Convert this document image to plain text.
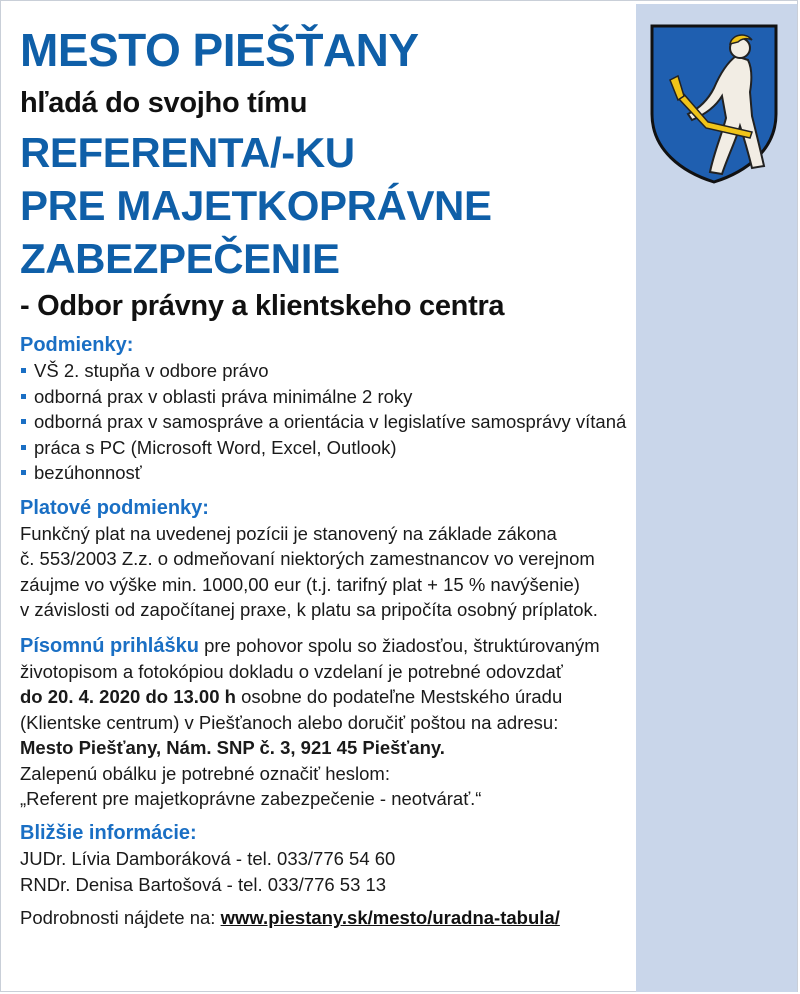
MESTO PIEŠŤANY
hľadá do svojho tímu
REFERENTA/-KU
PRE MAJETKOPRÁVNE
ZABEZPEČENIE
- Odbor právny a klientskeho centra
Podmienky:
VŠ 2. stupňa v odbore právo
odborná prax v oblasti práva minimálne 2 roky
odborná prax v samospráve a orientácia v legislatíve samosprávy vítaná
práca s PC (Microsoft Word, Excel, Outlook)
bezúhonnosť
Platové podmienky:
Funkčný plat na uvedenej pozícii je stanovený na základe zákona
č. 553/2003 Z.z. o odmeňovaní niektorých zamestnancov vo verejnom
záujme vo výške min. 1000,00 eur (t.j. tarifný plat + 15 % navýšenie)
v závislosti od započítanej praxe, k platu sa pripočíta osobný príplatok.
Písomnú prihlášku pre pohovor spolu so žiadosťou, štruktúrovaným
životopisom a fotokópiou dokladu o vzdelaní je potrebné odovzdať
do 20. 4. 2020 do 13.00 h osobne do podateľne Mestského úradu
(Klientske centrum) v Piešťanoch alebo doručiť poštou na adresu:
Mesto Piešťany, Nám. SNP č. 3, 921 45 Piešťany.
Zalepenú obálku je potrebné označiť heslom:
„Referent pre majetkoprávne zabezpečenie - neotvárať.“
Bližšie informácie:
JUDr. Lívia Damboráková - tel. 033/776 54 60
RNDr. Denisa Bartošová - tel. 033/776 53 13
Podrobnosti nájdete na: www.piestany.sk/mesto/uradna-tabula/
